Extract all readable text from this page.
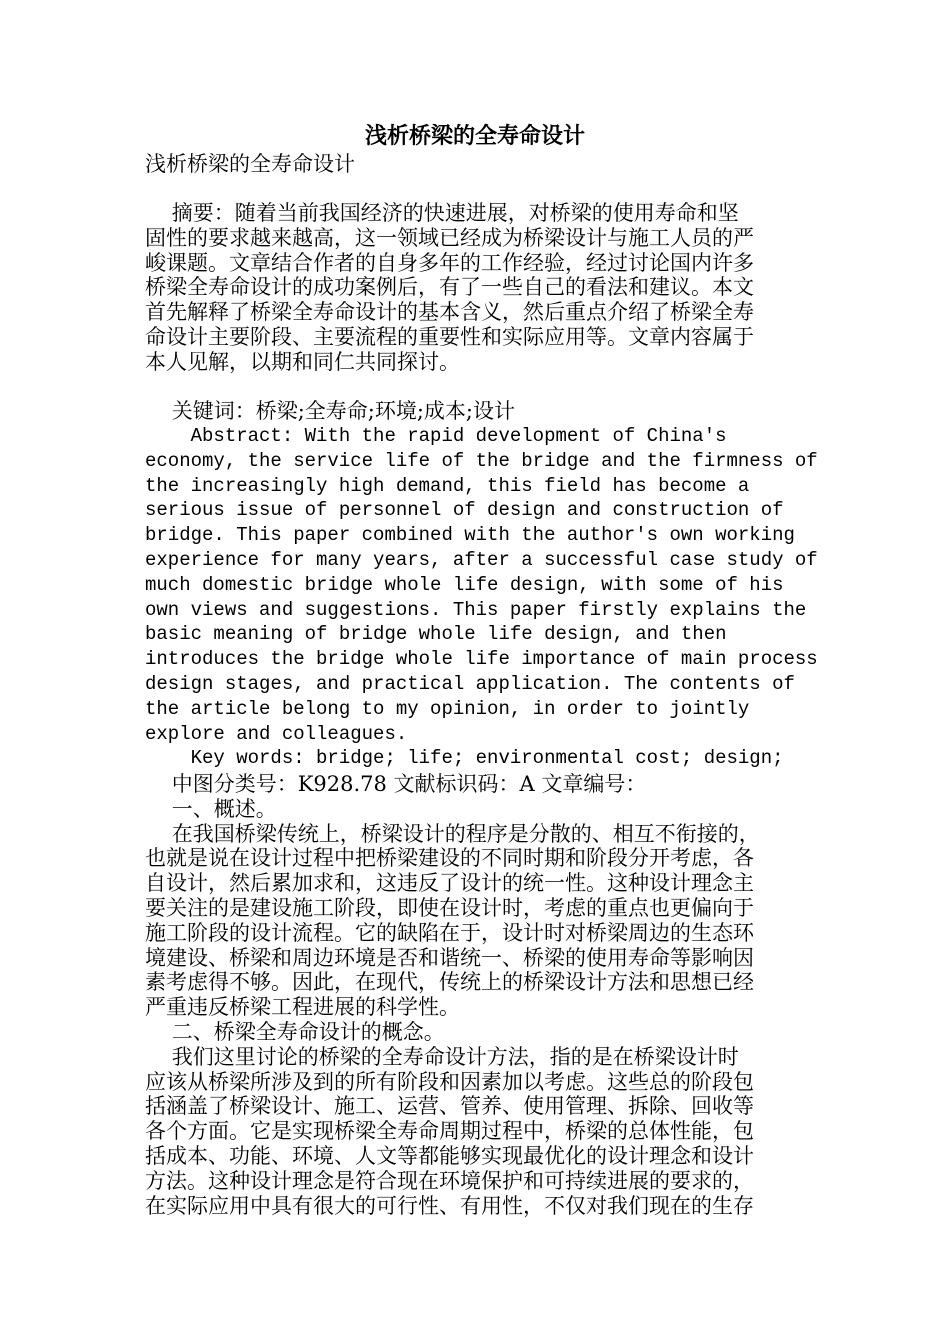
浅析桥梁的全寿命设计
浅析桥梁的全寿命设计
摘要：随着当前我国经济的快速进展，对桥梁的使用寿命和坚
固性的要求越来越高，这一领域已经成为桥梁设计与施工人员的严
峻课题。文章结合作者的自身多年的工作经验，经过讨论国内许多
桥梁全寿命设计的成功案例后，有了一些自己的看法和建议。本文
首先解释了桥梁全寿命设计的基本含义，然后重点介绍了桥梁全寿
命设计主要阶段、主要流程的重要性和实际应用等。文章内容属于
本人见解，以期和同仁共同探讨。
关键词：桥梁;全寿命;环境;成本;设计
Abstract: With the rapid development of China's
economy, the service life of the bridge and the firmness of
the increasingly high demand, this field has become a
serious issue of personnel of design and construction of
bridge. This paper combined with the author's own working
experience for many years, after a successful case study of
much domestic bridge whole life design, with some of his
own views and suggestions. This paper firstly explains the
basic meaning of bridge whole life design, and then
introduces the bridge whole life importance of main process
design stages, and practical application. The contents of
the article belong to my opinion, in order to jointly
explore and colleagues.
Key words: bridge; life; environmental cost; design;
中图分类号：K928.78 文献标识码：A 文章编号：
一、概述。
在我国桥梁传统上，桥梁设计的程序是分散的、相互不衔接的，
也就是说在设计过程中把桥梁建设的不同时期和阶段分开考虑，各
自设计，然后累加求和，这违反了设计的统一性。这种设计理念主
要关注的是建设施工阶段，即使在设计时，考虑的重点也更偏向于
施工阶段的设计流程。它的缺陷在于，设计时对桥梁周边的生态环
境建设、桥梁和周边环境是否和谐统一、桥梁的使用寿命等影响因
素考虑得不够。因此，在现代，传统上的桥梁设计方法和思想已经
严重违反桥梁工程进展的科学性。
二、桥梁全寿命设计的概念。
我们这里讨论的桥梁的全寿命设计方法，指的是在桥梁设计时
应该从桥梁所涉及到的所有阶段和因素加以考虑。这些总的阶段包
括涵盖了桥梁设计、施工、运营、管养、使用管理、拆除、回收等
各个方面。它是实现桥梁全寿命周期过程中，桥梁的总体性能，包
括成本、功能、环境、人文等都能够实现最优化的设计理念和设计
方法。这种设计理念是符合现在环境保护和可持续进展的要求的，
在实际应用中具有很大的可行性、有用性，不仅对我们现在的生存
